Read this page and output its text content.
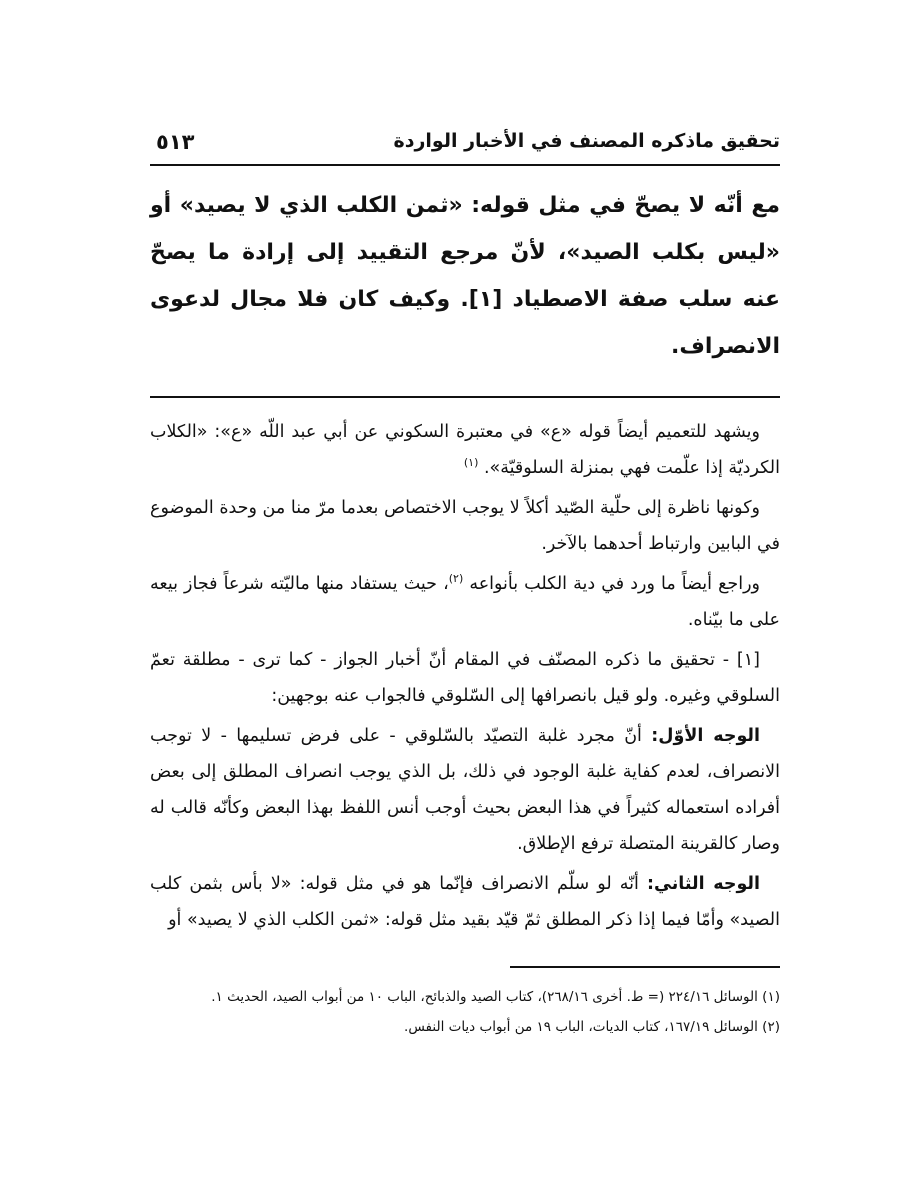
تحقيق ماذكره المصنف في الأخبار الواردة
٥١٣

مع أنّه لا يصحّ في مثل قوله: «ثمن الكلب الذي لا يصيد» أو «ليس بكلب الصيد»، لأنّ مرجع التقييد إلى إرادة ما يصحّ عنه سلب صفة الاصطياد [١]. وكيف كان فلا مجال لدعوى الانصراف.

ويشهد للتعميم أيضاً قوله «ع» في معتبرة السكوني عن أبي عبد اللّه «ع»: «الكلاب الكرديّة إذا علّمت فهي بمنزلة السلوقيّة». $^{(١)}$

وكونها ناظرة إلى حلّية الصّيد أكلاً لا يوجب الاختصاص بعدما مرّ منا من وحدة الموضوع في البابين وارتباط أحدهما بالآخر.

وراجع أيضاً ما ورد في دية الكلب بأنواعه $^{(٢)}$، حيث يستفاد منها ماليّته شرعاً فجاز بيعه على ما بيّناه.

[١] - تحقيق ما ذكره المصنّف في المقام أنّ أخبار الجواز - كما ترى - مطلقة تعمّ السلوقي وغيره. ولو قيل بانصرافها إلى السّلوقي فالجواب عنه بوجهين:

الوجه الأوّل: أنّ مجرد غلبة التصيّد بالسّلوقي - على فرض تسليمها - لا توجب الانصراف، لعدم كفاية غلبة الوجود في ذلك، بل الذي يوجب انصراف المطلق إلى بعض أفراده استعماله كثيراً في هذا البعض بحيث أوجب أنس اللفظ بهذا البعض وكأنّه قالب له وصار كالقرينة المتصلة ترفع الإطلاق.

الوجه الثاني: أنّه لو سلّم الانصراف فإنّما هو في مثل قوله: «لا بأس بثمن كلب الصيد» وأمّا فيما إذا ذكر المطلق ثمّ قيّد بقيد مثل قوله: «ثمن الكلب الذي لا يصيد» أو

(١) الوسائل ٢٢٤/١٦ (= ط. أخرى ٢٦٨/١٦)، كتاب الصيد والذبائح، الباب ١٠ من أبواب الصيد، الحديث ١.

(٢) الوسائل ١٦٧/١٩، كتاب الديات، الباب ١٩ من أبواب ديات النفس.
